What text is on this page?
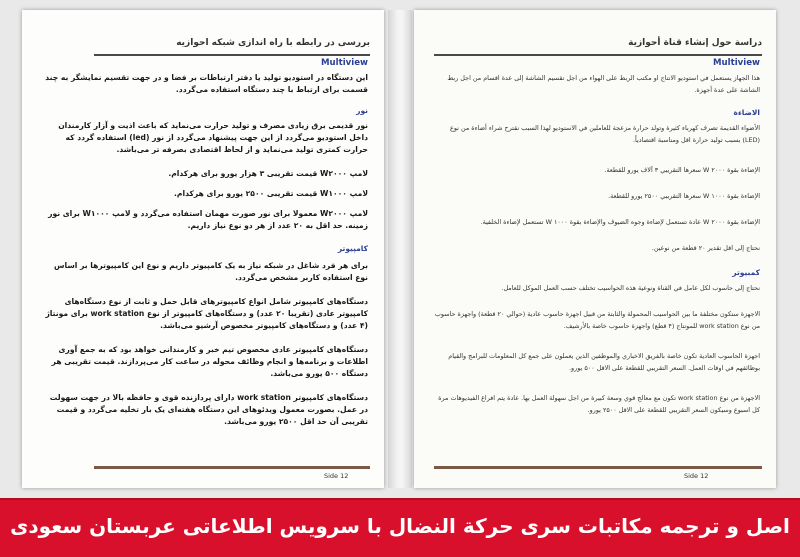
بررسی در رابطه با راه اندازی شبکه احوازیه
Multiview
این دستگاه در استودیو تولید یا دفتر ارتباطات بر فضا و در جهت تقسیم نمایشگر به چند قسمت برای ارتباط با چند دستگاه استفاده می‌گردد.
نور
نور قدیمی برق زیادی مصرف و تولید حرارت می‌نماید که باعث اذیت و آزار کارمندان داخل استودیو می‌گردد از این جهت پیشنهاد می‌گردد از نور (led) استفاده گردد که حرارت کمتری تولید می‌نماید و از لحاظ اقتصادی بصرفه تر می‌باشد.
لامپ W۲۰۰۰ قیمت تقریبی ۳ هزار یورو برای هرکدام.
لامپ W۱۰۰۰ قیمت تقریبی ۲۵۰۰ یورو برای هرکدام.
لامپ W۲۰۰۰ معمولا برای نور صورت مهمان استفاده می‌گردد و لامپ W۱۰۰۰ برای نور زمینه. حد اقل به ۲۰ عدد از هر دو نوع نیاز داریم.
کامپیوتر
برای هر فرد شاغل در شبکه نیاز به یک کامپیوتر داریم و نوع این کامپیوترها بر اساس نوع استفاده کاربر مشخص می‌گردد.
دستگاه‌های کامپیوتر شامل انواع کامپیوترهای قابل حمل و ثابت از نوع دستگاه‌های کامپیوتر عادی (تقریبا ۲۰ عدد) و دستگاه‌های کامپیوتر از نوع work station برای مونتاژ (۴ عدد) و دستگاه‌های کامپیوتر مخصوص آرشیو می‌باشد.
دستگاه‌های کامپیوتر عادی مخصوص تیم خبر و کارمندانی خواهد بود که به جمع آوری اطلاعات و برنامه‌ها و انجام وظائف محوله در ساعت کار می‌پردازند. قیمت تقریبی هر دستگاه ۵۰۰ یورو می‌باشد.
دستگاه‌های کامپیوتر work station دارای پردازنده قوی و حافظه بالا در جهت سهولت در عمل. بصورت معمول ویدئوهای این دستگاه هفته‌ای یک بار تخلیه می‌گردد و قیمت تقریبی آن حد اقل ۲۵۰۰ یورو می‌باشد.
Side 12
دراسة حول إنشاء قناة أحوازية
Multiview
هذا الجهاز يستعمل في استوديو الانتاج او مكتب الربط على الهواء من اجل تقسيم الشاشة إلى عدة اقسام من اجل ربط الشاشة على عدة أجهزة.
الاضاءة
الأضواء القديمة تصرف كهرباء كثيرة وتولد حرارة مزعجة للعاملين في الاستوديو لهذا السبب نقترح شراء أضاءة من نوع (LED) بسبب توليد حرارة اقل ومناسبة اقتصادياً.
الإضاءة بقوة W ۲۰۰۰ سعرها التقريبي ۳ آلاف يورو للقطعة.
الإضاءة بقوة W ۱۰۰۰ سعرها التقريبي ۲۵۰۰ يورو للقطعة.
الإضاءة بقوة W ۲۰۰۰ عادة تستعمل لإضاءة وجوه الضيوف والإضاءة بقوة W ۱۰۰۰ تستعمل لإضاءة الخلفية.
نحتاج إلى اقل تقدير ۲۰ قطعة من نوعين.
كمبيوتر
نحتاج إلى حاسوب لكل عامل في القناة ونوعية هذه الحواسيب تختلف حسب العمل الموكل للعامل.
الاجهزة ستكون مختلفة ما بين الحواسيب المحمولة والثابتة من قبيل اجهزة حاسوب عادية (حوالي ۲۰ قطعة) واجهزة حاسوب من نوع work station للمونتاج (۴ قطع) واجهزة حاسوب خاصة بالأرشيف.
اجهزة الحاسوب العادية تكون خاصة بالفريق الاخباري والموظفين الذين يعملون على جمع كل المعلومات للبرامج والقيام بوظائفهم في اوقات العمل. السعر التقريبي للقطعة على الاقل ۵۰۰ يورو.
الاجهزة من نوع work station تكون مع معالج قوي وسعة كبيرة من اجل سهولة العمل بها. عادة يتم افراغ الفيديوهات مرة كل اسبوع وسيكون السعر التقريبي للقطعة على الاقل ۲۵۰۰ يورو.
Side 12
اصل و ترجمه مکاتبات سری حرکة النضال با سرویس اطلاعاتی عربستان سعودی
